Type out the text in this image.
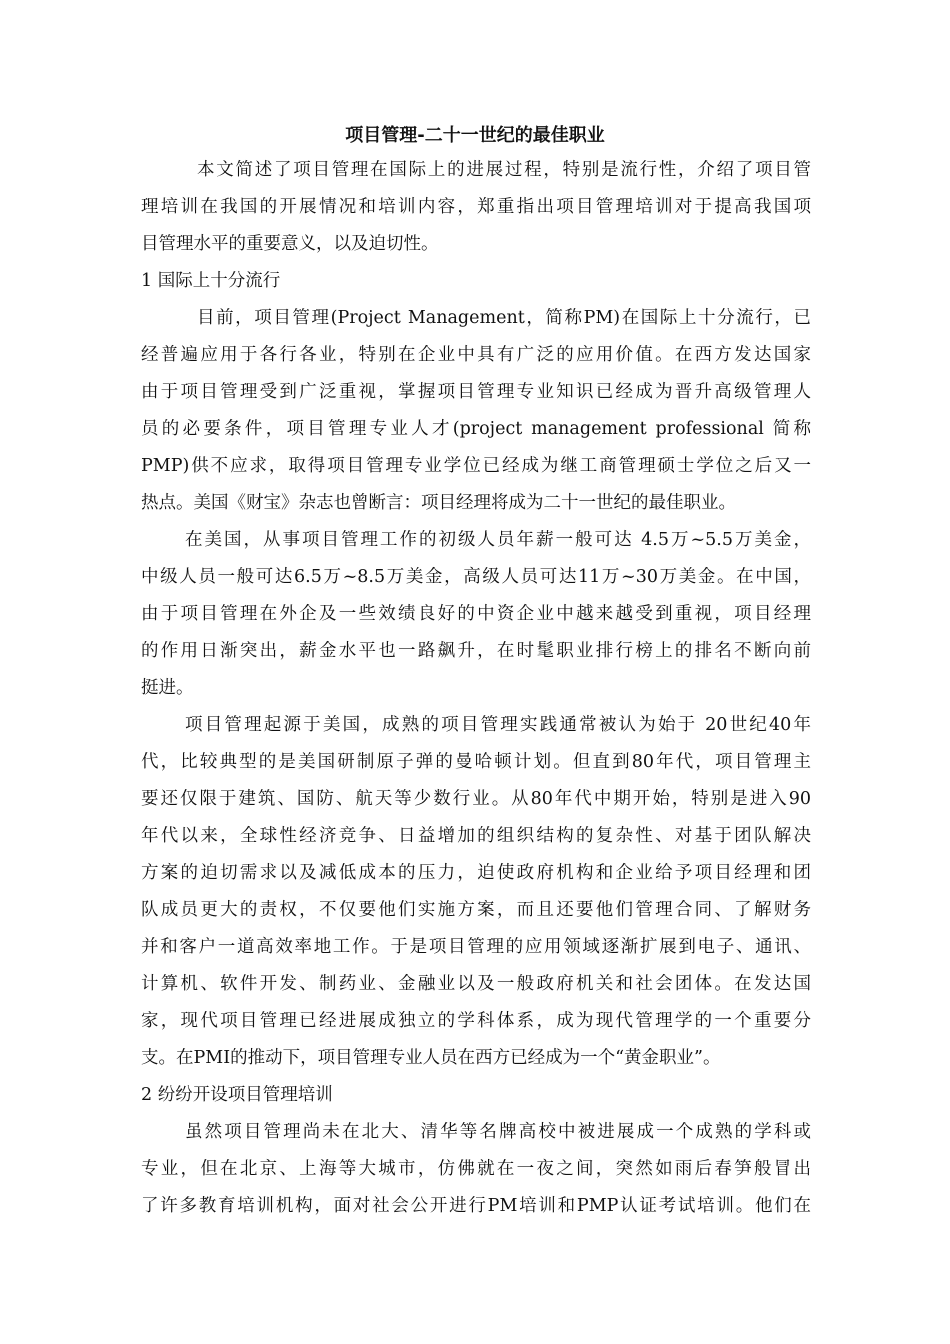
项目管理-二十一世纪的最佳职业
本文简述了项目管理在国际上的进展过程，特别是流行性，介绍了项目管
理培训在我国的开展情况和培训内容，郑重指出项目管理培训对于提高我国项
目管理水平的重要意义，以及迫切性。
1 国际上十分流行
目前，项目管理(Project Management，简称PM)在国际上十分流行，已
经普遍应用于各行各业，特别在企业中具有广泛的应用价值。在西方发达国家
由于项目管理受到广泛重视，掌握项目管理专业知识已经成为晋升高级管理人
员的必要条件，项目管理专业人才(project management professional 简称
PMP)供不应求，取得项目管理专业学位已经成为继工商管理硕士学位之后又一
热点。美国《财宝》杂志也曾断言：项目经理将成为二十一世纪的最佳职业。
在美国，从事项目管理工作的初级人员年薪一般可达 4.5万~5.5万美金，
中级人员一般可达6.5万~8.5万美金，高级人员可达11万~30万美金。在中国，
由于项目管理在外企及一些效绩良好的中资企业中越来越受到重视，项目经理
的作用日渐突出，薪金水平也一路飙升，在时髦职业排行榜上的排名不断向前
挺进。
项目管理起源于美国，成熟的项目管理实践通常被认为始于 20世纪40年
代，比较典型的是美国研制原子弹的曼哈顿计划。但直到80年代，项目管理主
要还仅限于建筑、国防、航天等少数行业。从80年代中期开始，特别是进入90
年代以来，全球性经济竞争、日益增加的组织结构的复杂性、对基于团队解决
方案的迫切需求以及减低成本的压力，迫使政府机构和企业给予项目经理和团
队成员更大的责权，不仅要他们实施方案，而且还要他们管理合同、了解财务
并和客户一道高效率地工作。于是项目管理的应用领域逐渐扩展到电子、通讯、
计算机、软件开发、制药业、金融业以及一般政府机关和社会团体。在发达国
家，现代项目管理已经进展成独立的学科体系，成为现代管理学的一个重要分
支。在PMI的推动下，项目管理专业人员在西方已经成为一个“黄金职业”。
2 纷纷开设项目管理培训
虽然项目管理尚未在北大、清华等名牌高校中被进展成一个成熟的学科或
专业，但在北京、上海等大城市，仿佛就在一夜之间，突然如雨后春笋般冒出
了许多教育培训机构，面对社会公开进行PM培训和PMP认证考试培训。他们在
